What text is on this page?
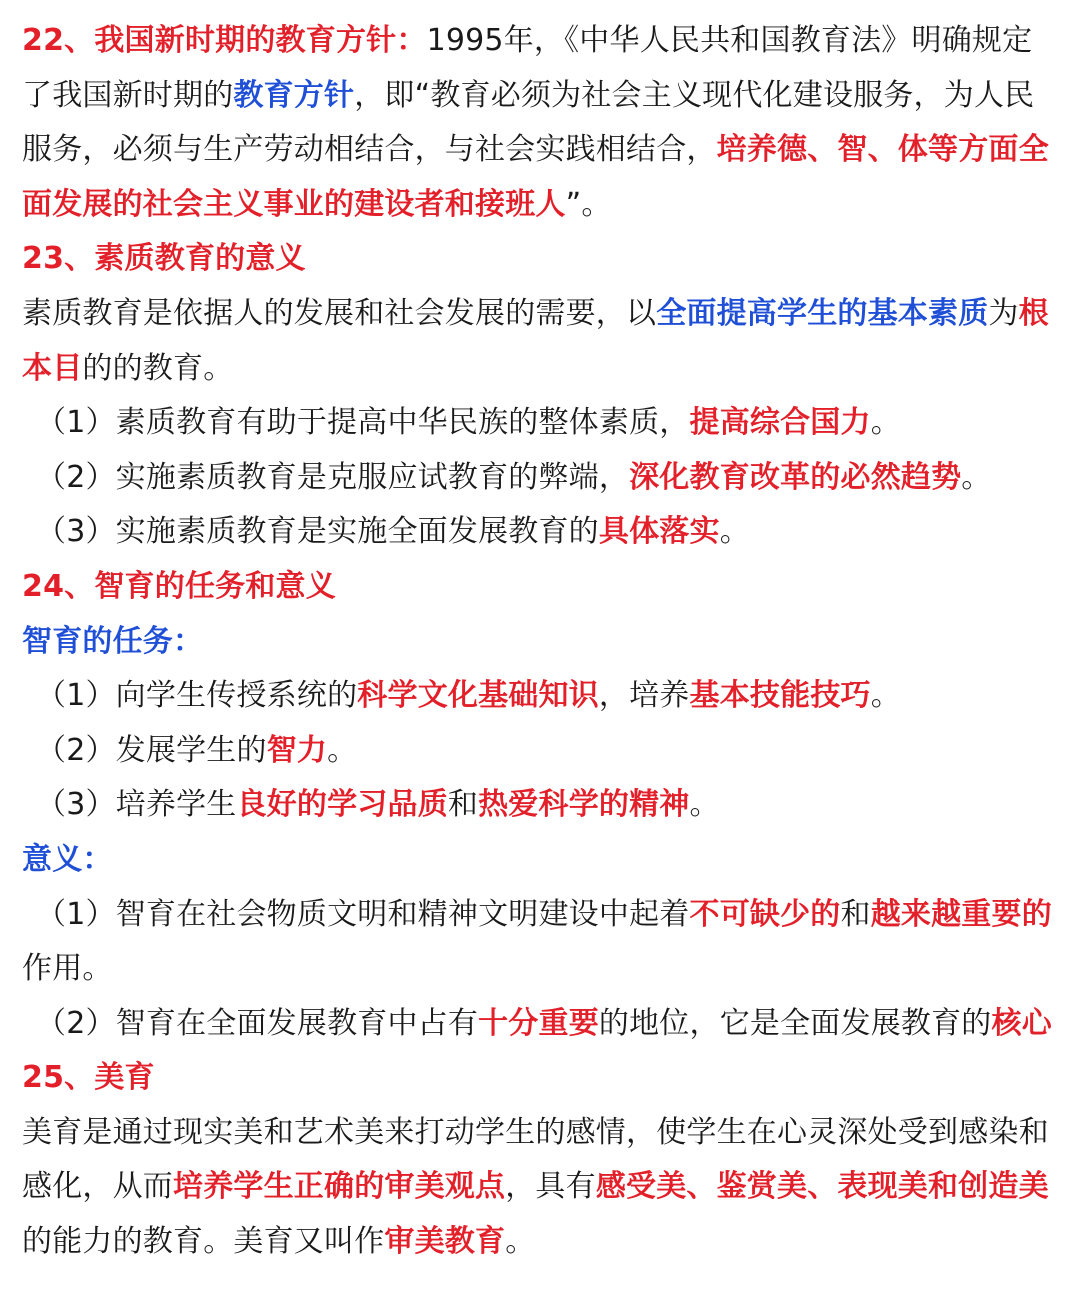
22、我国新时期的教育方针：1995年，《中华人民共和国教育法》明确规定
了我国新时期的教育方针，即“教育必须为社会主义现代化建设服务，为人民
服务，必须与生产劳动相结合，与社会实践相结合，培养德、智、体等方面全
面发展的社会主义事业的建设者和接班人”。
23、素质教育的意义
素质教育是依据人的发展和社会发展的需要，以全面提高学生的基本素质为根
本目的的教育。
（1）素质教育有助于提高中华民族的整体素质，提高综合国力。
（2）实施素质教育是克服应试教育的弊端，深化教育改革的必然趋势。
（3）实施素质教育是实施全面发展教育的具体落实。
24、智育的任务和意义
智育的任务：
（1）向学生传授系统的科学文化基础知识，培养基本技能技巧。
（2）发展学生的智力。
（3）培养学生良好的学习品质和热爱科学的精神。
意义：
（1）智育在社会物质文明和精神文明建设中起着不可缺少的和越来越重要的
作用。
（2）智育在全面发展教育中占有十分重要的地位，它是全面发展教育的核心
25、美育
美育是通过现实美和艺术美来打动学生的感情，使学生在心灵深处受到感染和
感化，从而培养学生正确的审美观点，具有感受美、鉴赏美、表现美和创造美
的能力的教育。美育又叫作审美教育。
